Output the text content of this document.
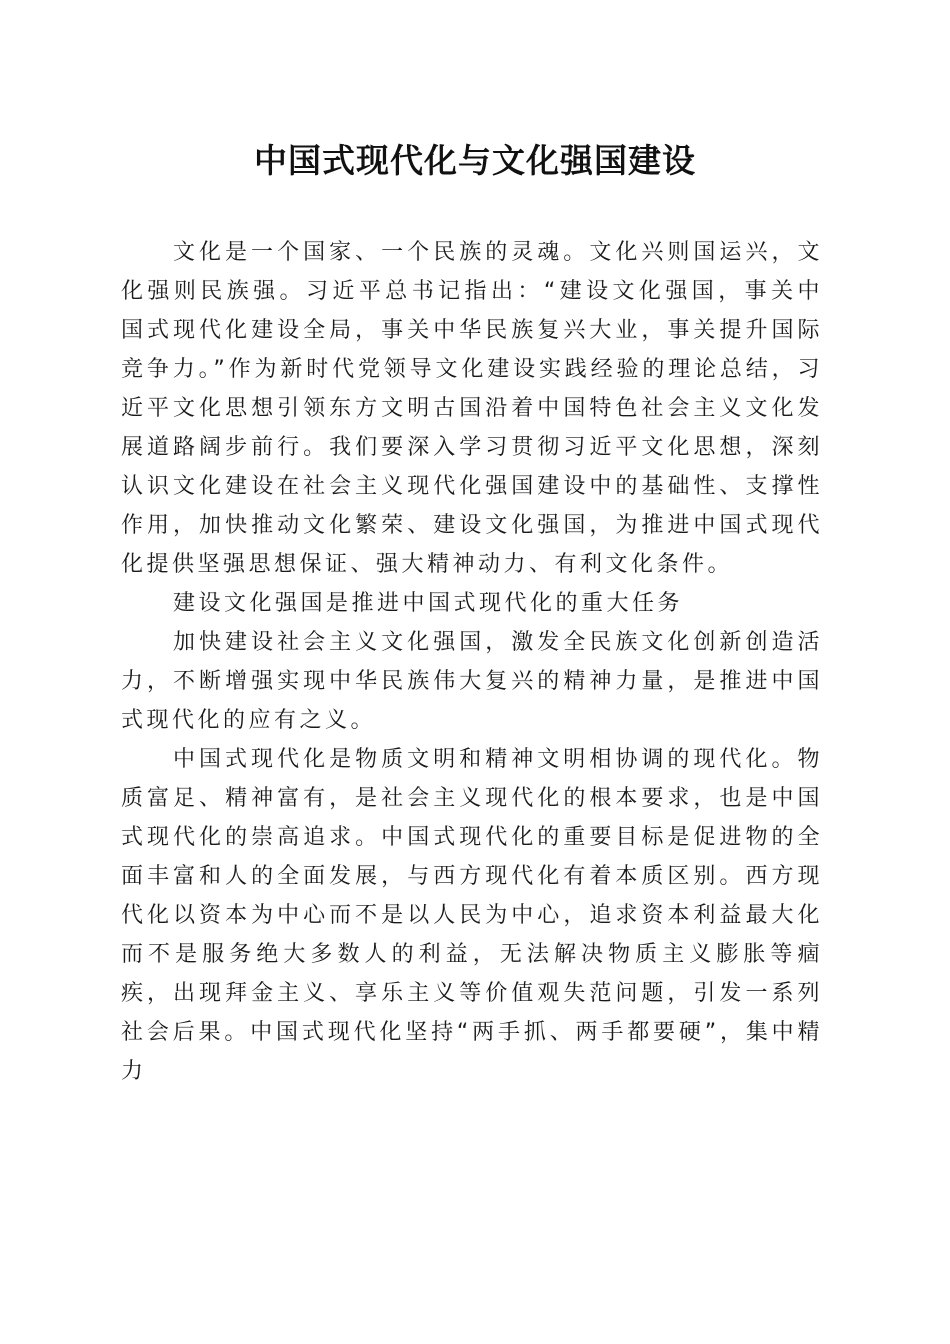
中国式现代化与文化强国建设

文化是一个国家、一个民族的灵魂。文化兴则国运兴，文化强则民族强。习近平总书记指出：“建设文化强国，事关中国式现代化建设全局，事关中华民族复兴大业，事关提升国际竞争力。”作为新时代党领导文化建设实践经验的理论总结，习近平文化思想引领东方文明古国沿着中国特色社会主义文化发展道路阔步前行。我们要深入学习贯彻习近平文化思想，深刻认识文化建设在社会主义现代化强国建设中的基础性、支撑性作用，加快推动文化繁荣、建设文化强国，为推进中国式现代化提供坚强思想保证、强大精神动力、有利文化条件。

建设文化强国是推进中国式现代化的重大任务

加快建设社会主义文化强国，激发全民族文化创新创造活力，不断增强实现中华民族伟大复兴的精神力量，是推进中国式现代化的应有之义。

中国式现代化是物质文明和精神文明相协调的现代化。物质富足、精神富有，是社会主义现代化的根本要求，也是中国式现代化的崇高追求。中国式现代化的重要目标是促进物的全面丰富和人的全面发展，与西方现代化有着本质区别。西方现代化以资本为中心而不是以人民为中心，追求资本利益最大化而不是服务绝大多数人的利益，无法解决物质主义膨胀等痼疾，出现拜金主义、享乐主义等价值观失范问题，引发一系列社会后果。中国式现代化坚持“两手抓、两手都要硬”，集中精力
